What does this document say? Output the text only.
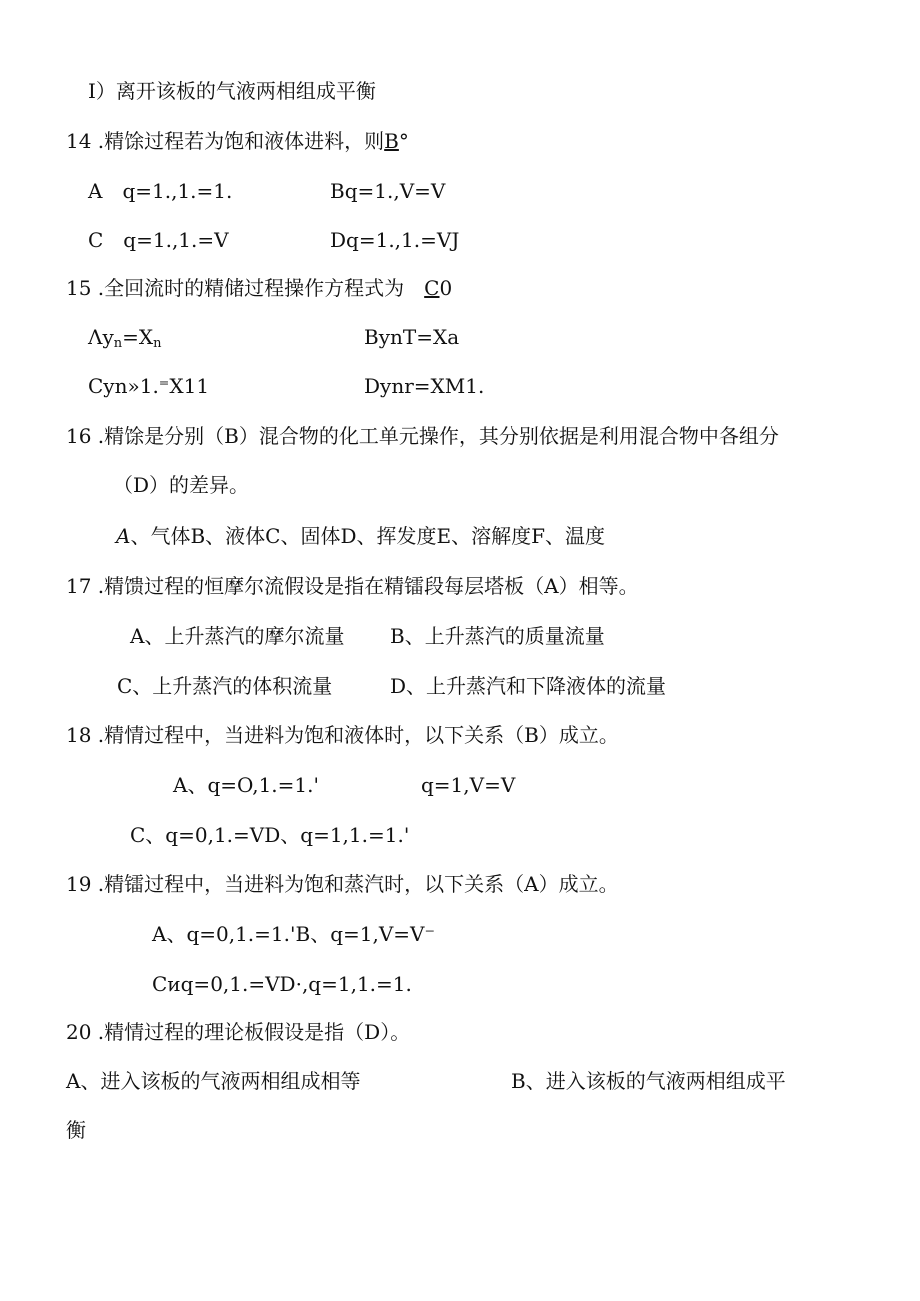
I）离开该板的气液两相组成平衡
14 .精馀过程若为饱和液体进料，则B°
A　q=1.,1.=1.	Bq=1.,V=V
C　q=1.,1.=V	Dq=1.,1.=VJ
15 .全回流时的精储过程操作方程式为　C0
$\Lambda y_n=X_n$	BynT=Xa
Cyn»1.⁼X11	Dynr=XM1.
16 .精馀是分别（B）混合物的化工单元操作，其分别依据是利用混合物中各组分
（D）的差异。
A、气体B、液体C、固体D、挥发度E、溶解度F、温度
17 .精馈过程的恒摩尔流假设是指在精镭段每层塔板（A）相等。
A、上升蒸汽的摩尔流量 B、上升蒸汽的质量流量
C、上升蒸汽的体积流量	D、上升蒸汽和下降液体的流量
18 .精情过程中，当进料为饱和液体时，以下关系（B）成立。
A、q=O,1.=1.'	q=1,V=V
C、q=0,1.=VD、q=1,1.=1.'
19 .精镭过程中，当进料为饱和蒸汽时，以下关系（A）成立。
A、q=0,1.=1.'B、q=1,V=V⁻
Cᴎq=0,1.=VD·,q=1,1.=1.
20 .精情过程的理论板假设是指（D）。
A、进入该板的气液两相组成相等	B、进入该板的气液两相组成平
衡
